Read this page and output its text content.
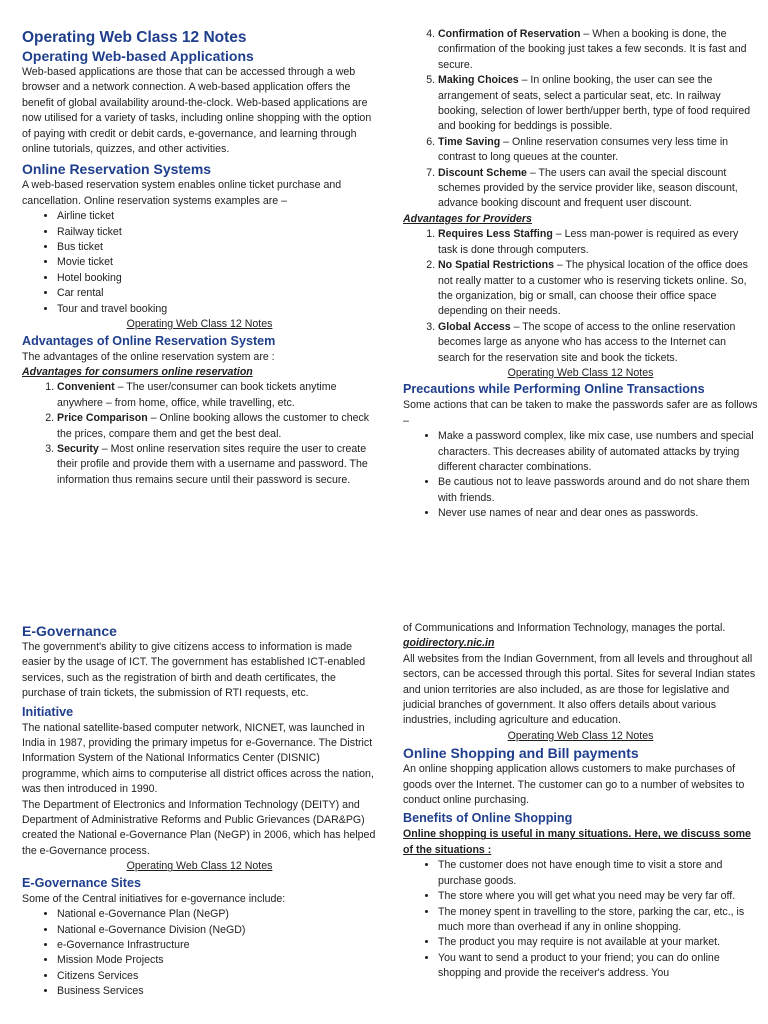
Operating Web Class 12 Notes
Operating Web-based Applications

Web-based applications are those that can be accessed through a web browser and a network connection. A web-based application offers the benefit of global availability around-the-clock. Web-based applications are now utilised for a variety of tasks, including online shopping with the option of paying with credit or debit cards, e-governance, and learning through online tutorials, quizzes, and other activities.

Online Reservation Systems

A web-based reservation system enables online ticket purchase and cancellation. Online reservation systems examples are –

• Airline ticket
• Railway ticket
• Bus ticket
• Movie ticket
• Hotel booking
• Car rental
• Tour and travel booking

Operating Web Class 12 Notes

Advantages of Online Reservation System

The advantages of the online reservation system are :

Advantages for consumers online reservation

1. Convenient – The user/consumer can book tickets anytime anywhere – from home, office, while travelling, etc.
2. Price Comparison – Online booking allows the customer to check the prices, compare them and get the best deal.
3. Security – Most online reservation sites require the user to create their profile and provide them with a username and password. The information thus remains secure until their password is secure.
4. Confirmation of Reservation – When a booking is done, the confirmation of the booking just takes a few seconds. It is fast and secure.
5. Making Choices – In online booking, the user can see the arrangement of seats, select a particular seat, etc. In railway booking, selection of lower berth/upper berth, type of food required and booking for beddings is possible.
6. Time Saving – Online reservation consumes very less time in contrast to long queues at the counter.
7. Discount Scheme – The users can avail the special discount schemes provided by the service provider like, season discount, advance booking discount and frequent user discount.

Advantages for Providers

1. Requires Less Staffing – Less man-power is required as every task is done through computers.
2. No Spatial Restrictions – The physical location of the office does not really matter to a customer who is reserving tickets online. So, the organization, big or small, can choose their office space depending on their needs.
3. Global Access – The scope of access to the online reservation becomes large as anyone who has access to the Internet can search for the reservation site and book the tickets.

Operating Web Class 12 Notes

Precautions while Performing Online Transactions

Some actions that can be taken to make the passwords safer are as follows –

• Make a password complex, like mix case, use numbers and special characters. This decreases ability of automated attacks by trying different character combinations.
• Be cautious not to leave passwords around and do not share them with friends.
• Never use names of near and dear ones as passwords.
E-Governance

The government's ability to give citizens access to information is made easier by the usage of ICT. The government has established ICT-enabled services, such as the registration of birth and death certificates, the purchase of train tickets, the submission of RTI requests, etc.

Initiative

The national satellite-based computer network, NICNET, was launched in India in 1987, providing the primary impetus for e-Governance. The District Information System of the National Informatics Center (DISNIC) programme, which aims to computerise all district offices across the nation, was then introduced in 1990.

The Department of Electronics and Information Technology (DEITY) and Department of Administrative Reforms and Public Grievances (DAR&PG) created the National e-Governance Plan (NeGP) in 2006, which has helped the e-Governance process.

Operating Web Class 12 Notes

E-Governance Sites

Some of the Central initiatives for e-governance include:

• National e-Governance Plan (NeGP)
• National e-Governance Division (NeGD)
• e-Governance Infrastructure
• Mission Mode Projects
• Citizens Services
• Business Services

of Communications and Information Technology, manages the portal.

goidirectory.nic.in

All websites from the Indian Government, from all levels and throughout all sectors, can be accessed through this portal. Sites for several Indian states and union territories are also included, as are those for legislative and judicial branches of government. It also offers details about various industries, including agriculture and education.

Operating Web Class 12 Notes

Online Shopping and Bill payments

An online shopping application allows customers to make purchases of goods over the Internet. The customer can go to a number of websites to conduct online purchasing.

Benefits of Online Shopping

Online shopping is useful in many situations. Here, we discuss some of the situations :

• The customer does not have enough time to visit a store and purchase goods.
• The store where you will get what you need may be very far off.
• The money spent in travelling to the store, parking the car, etc., is much more than overhead if any in online shopping.
• The product you may require is not available at your market.
• You want to send a product to your friend; you can do online shopping and provide the receiver's address. You
